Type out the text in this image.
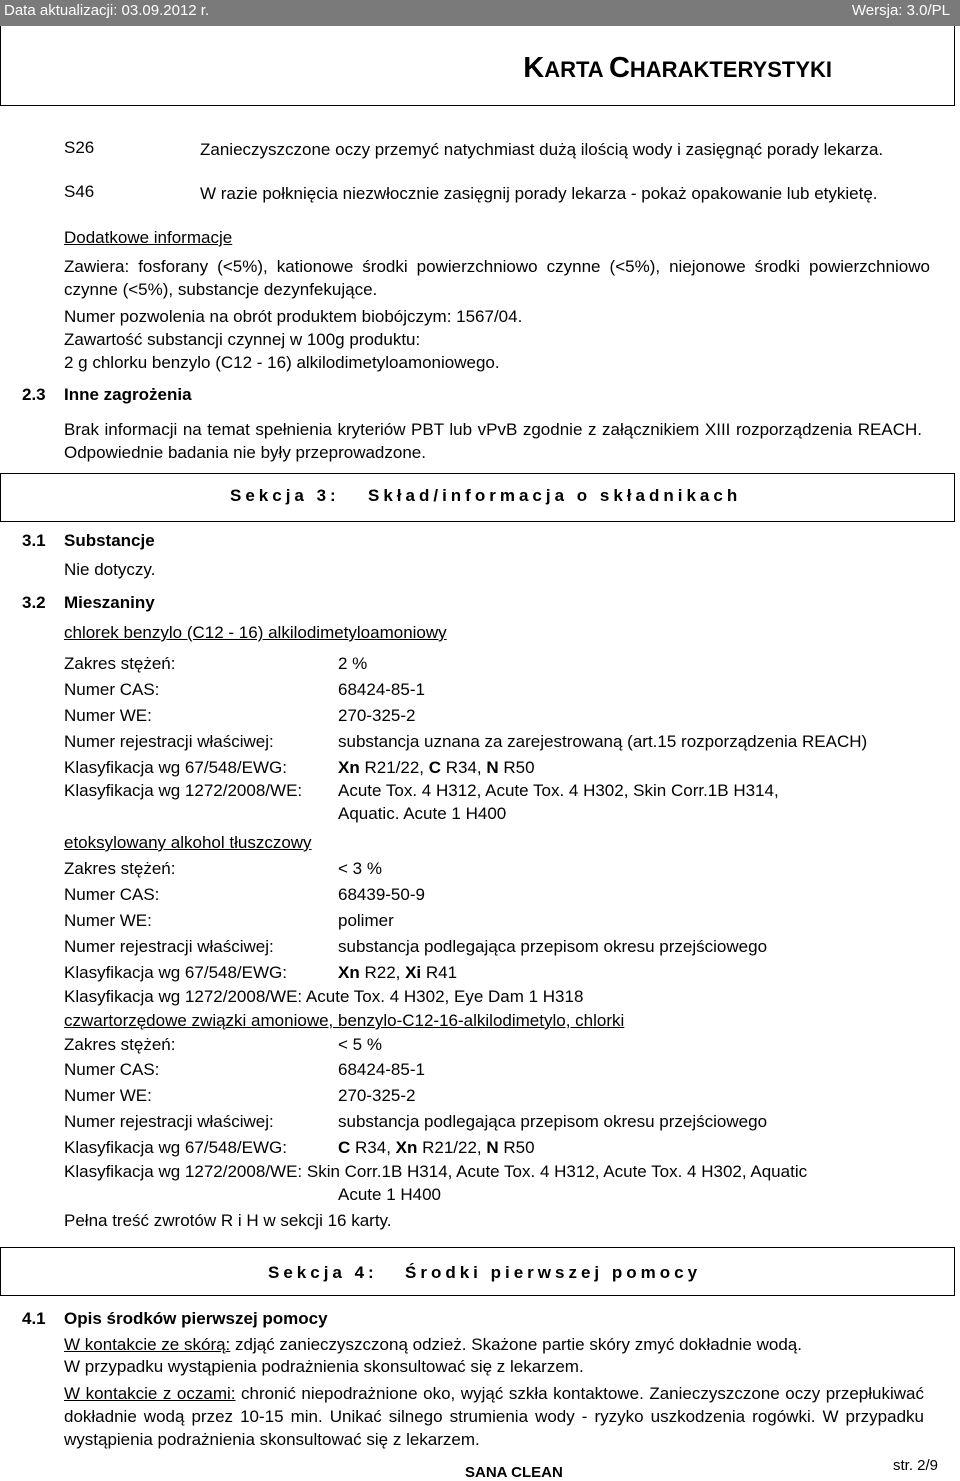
Data aktualizacji: 03.09.2012 r.	Wersja: 3.0/PL
KARTA CHARAKTERYSTYKI
S26	Zanieczyszczone oczy przemyć natychmiast dużą ilością wody i zasięgnąć porady lekarza.
S46	W razie połknięcia niezwłocznie zasięgnij porady lekarza - pokaż opakowanie lub etykietę.
Dodatkowe informacje
Zawiera: fosforany (<5%), kationowe środki powierzchniowo czynne (<5%), niejonowe środki powierzchniowo czynne (<5%), substancje dezynfekujące.
Numer pozwolenia na obrót produktem biobójczym: 1567/04.
Zawartość substancji czynnej w 100g produktu:
2 g chlorku benzylo (C12 - 16) alkilodimetyloamoniowego.
2.3 Inne zagrożenia
Brak informacji na temat spełnienia kryteriów PBT lub vPvB zgodnie z załącznikiem XIII rozporządzenia REACH. Odpowiednie badania nie były przeprowadzone.
Sekcja 3: Skład/informacja o składnikach
3.1 Substancje
Nie dotyczy.
3.2 Mieszaniny
chlorek benzylo (C12 - 16) alkilodimetyloamoniowy
Zakres stężeń:	2 %
Numer CAS:	68424-85-1
Numer WE:	270-325-2
Numer rejestracji właściwej:	substancja uznana za zarejestrowaną (art.15 rozporządzenia REACH)
Klasyfikacja wg 67/548/EWG:	Xn R21/22, C R34, N R50
Klasyfikacja wg 1272/2008/WE: Acute Tox. 4 H312, Acute Tox. 4 H302, Skin Corr.1B H314,
Aquatic. Acute 1 H400
etoksylowany alkohol tłuszczowy
Zakres stężeń:	< 3 %
Numer CAS:	68439-50-9
Numer WE:	polimer
Numer rejestracji właściwej:	substancja podlegająca przepisom okresu przejściowego
Klasyfikacja wg 67/548/EWG:	Xn R22, Xi R41
Klasyfikacja wg 1272/2008/WE: Acute Tox. 4 H302, Eye Dam 1 H318
czwartorzędowe związki amoniowe, benzylo-C12-16-alkilodimetylo, chlorki
Zakres stężeń:	< 5 %
Numer CAS:	68424-85-1
Numer WE:	270-325-2
Numer rejestracji właściwej:	substancja podlegająca przepisom okresu przejściowego
Klasyfikacja wg 67/548/EWG:	C R34, Xn R21/22, N R50
Klasyfikacja wg 1272/2008/WE: Skin Corr.1B H314, Acute Tox. 4 H312, Acute Tox. 4 H302, Aquatic
Acute 1 H400
Pełna treść zwrotów R i H w sekcji 16 karty.
Sekcja 4: Środki pierwszej pomocy
4.1 Opis środków pierwszej pomocy
W kontakcie ze skórą: zdjąć zanieczyszczoną odzież. Skażone partie skóry zmyć dokładnie wodą.
W przypadku wystąpienia podrażnienia skonsultować się z lekarzem.
W kontakcie z oczami: chronić niepodrażnione oko, wyjąć szkła kontaktowe. Zanieczyszczone oczy przepłukiwać dokładnie wodą przez 10-15 min. Unikać silnego strumienia wody - ryzyko uszkodzenia rogówki. W przypadku wystąpienia podrażnienia skonsultować się z lekarzem.
SANA CLEAN	str. 2/9
